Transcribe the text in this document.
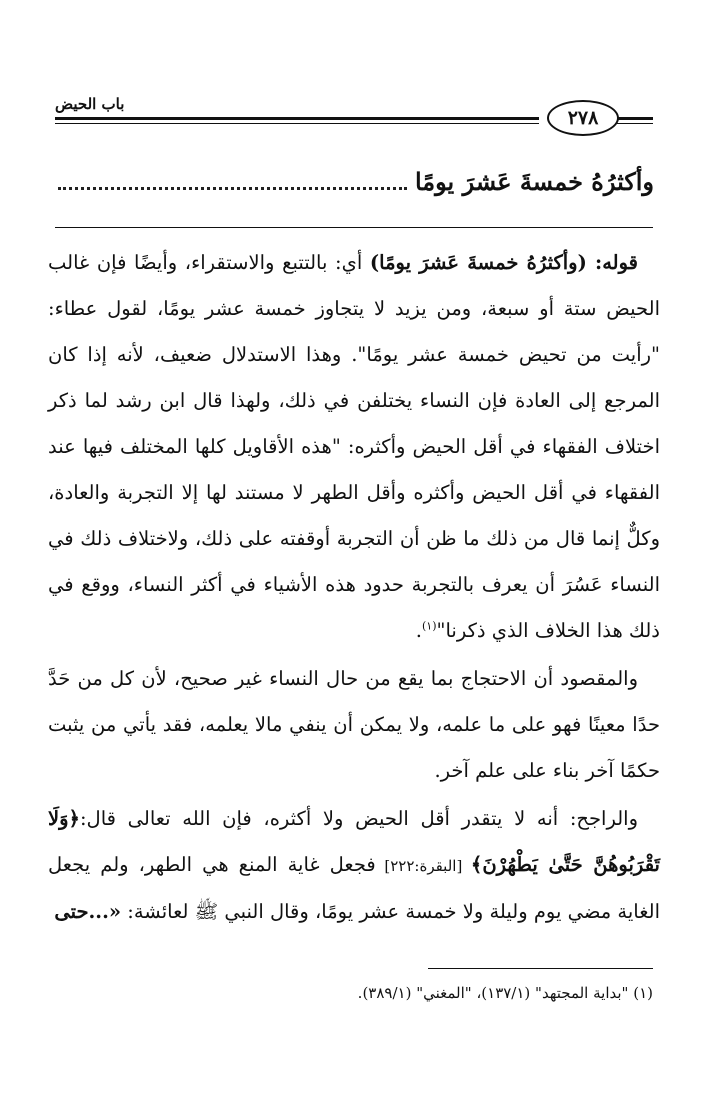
باب الحيض
٢٧٨
وأكثرُهُ خمسةَ عَشرَ يومًا

قوله: (وأكثرُهُ خمسةَ عَشرَ يومًا) أي: بالتتبع والاستقراء، وأيضًا فإن غالب الحيض ستة أو سبعة، ومن يزيد لا يتجاوز خمسة عشر يومًا، لقول عطاء: "رأيت من تحيض خمسة عشر يومًا". وهذا الاستدلال ضعيف، لأنه إذا كان المرجع إلى العادة فإن النساء يختلفن في ذلك، ولهذا قال ابن رشد لما ذكر اختلاف الفقهاء في أقل الحيض وأكثره: "هذه الأقاويل كلها المختلف فيها عند الفقهاء في أقل الحيض وأكثره وأقل الطهر لا مستند لها إلا التجربة والعادة، وكلٌّ إنما قال من ذلك ما ظن أن التجربة أوقفته على ذلك، ولاختلاف ذلك في النساء عَسُرَ أن يعرف بالتجربة حدود هذه الأشياء في أكثر النساء، ووقع في ذلك هذا الخلاف الذي ذكرنا"$^{(١)}$.

والمقصود أن الاحتجاج بما يقع من حال النساء غير صحيح، لأن كل من حَدَّ حدًا معينًا فهو على ما علمه، ولا يمكن أن ينفي مالا يعلمه، فقد يأتي من يثبت حكمًا آخر بناء على علم آخر.

والراجح: أنه لا يتقدر أقل الحيض ولا أكثره، فإن الله تعالى قال:﴿وَلَا تَقْرَبُوهُنَّ حَتَّىٰ يَطْهُرْنَ﴾ [البقرة:٢٢٢] فجعل غاية المنع هي الطهر، ولم يجعل الغاية مضي يوم وليلة ولا خمسة عشر يومًا، وقال النبي ﷺ لعائشة: «...حتى

(١) "بداية المجتهد" (١٣٧/١)، "المغني" (٣٨٩/١).
